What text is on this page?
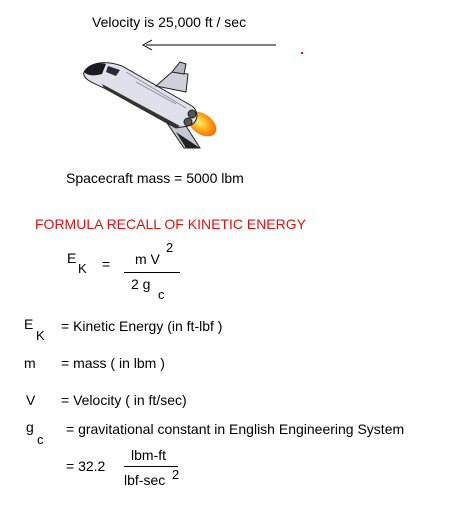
Velocity is 25,000 ft / sec
Spacecraft mass = 5000 lbm
FORMULA RECALL OF KINETIC ENERGY
E
K = m V
2
2 g
c
E
K
= Kinetic Energy (in ft-lbf )
m = mass ( in lbm )
V = Velocity ( in ft/sec)
g
c
= gravitational constant in English Engineering System
= 32.2
lbm-ft
lbf-sec 2
